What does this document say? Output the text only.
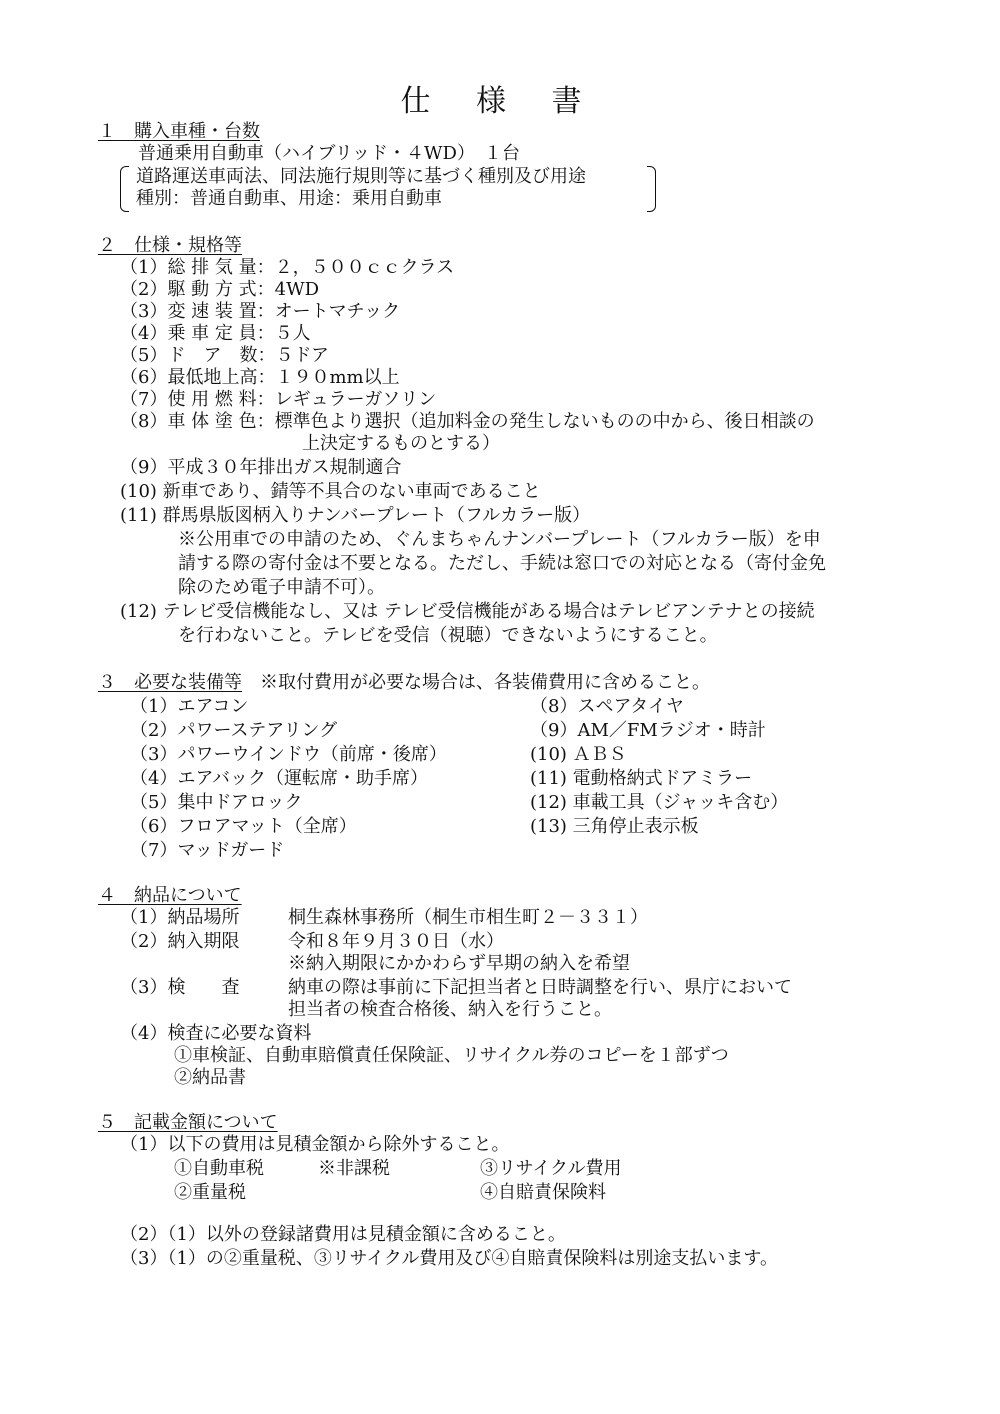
仕 様 書
１　購入車種・台数
普通乗用自動車（ハイブリッド・４WD）　１台
道路運送車両法、同法施行規則等に基づく種別及び用途
種別：普通自動車、用途：乗用自動車
２　仕様・規格等
（1）総 排 気 量：２，５００ｃｃクラス
（2）駆 動 方 式：4WD
（3）変 速 装 置：オートマチック
（4）乗 車 定 員：５人
（5）ド　ア　数：５ドア
（6）最低地上高：１９０mm以上
（7）使 用 燃 料：レギュラーガソリン
（8）車 体 塗 色：標準色より選択（追加料金の発生しないものの中から、後日相談の
上決定するものとする）
（9）平成３０年排出ガス規制適合
(10) 新車であり、錆等不具合のない車両であること
(11) 群馬県版図柄入りナンバープレート（フルカラー版）
※公用車での申請のため、ぐんまちゃんナンバープレート（フルカラー版）を申
請する際の寄付金は不要となる。ただし、手続は窓口での対応となる（寄付金免
除のため電子申請不可）。
(12) テレビ受信機能なし、又は テレビ受信機能がある場合はテレビアンテナとの接続
を行わないこと。テレビを受信（視聴）できないようにすること。
３　必要な装備等 ※取付費用が必要な場合は、各装備費用に含めること。
（1）エアコン
（2）パワーステアリング
（3）パワーウインドウ（前席・後席）
（4）エアバック（運転席・助手席）
（5）集中ドアロック
（6）フロアマット（全席）
（7）マッドガード
（8）スペアタイヤ
（9）AM／FMラジオ・時計
(10) ＡＢＳ
(11) 電動格納式ドアミラー
(12) 車載工具（ジャッキ含む）
(13) 三角停止表示板
４　納品について
（1）納品場所	桐生森林事務所（桐生市相生町２－３３１）
（2）納入期限	令和８年９月３０日（水）
※納入期限にかかわらず早期の納入を希望
（3）検　　査	納車の際は事前に下記担当者と日時調整を行い、県庁において
担当者の検査合格後、納入を行うこと。
（4）検査に必要な資料
①車検証、自動車賠償責任保険証、リサイクル券のコピーを１部ずつ
②納品書
５　記載金額について
（1）以下の費用は見積金額から除外すること。
①自動車税	※非課税	③リサイクル費用
②重量税	④自賠責保険料
（2）（1）以外の登録諸費用は見積金額に含めること。
（3）（1）の②重量税、③リサイクル費用及び④自賠責保険料は別途支払います。
